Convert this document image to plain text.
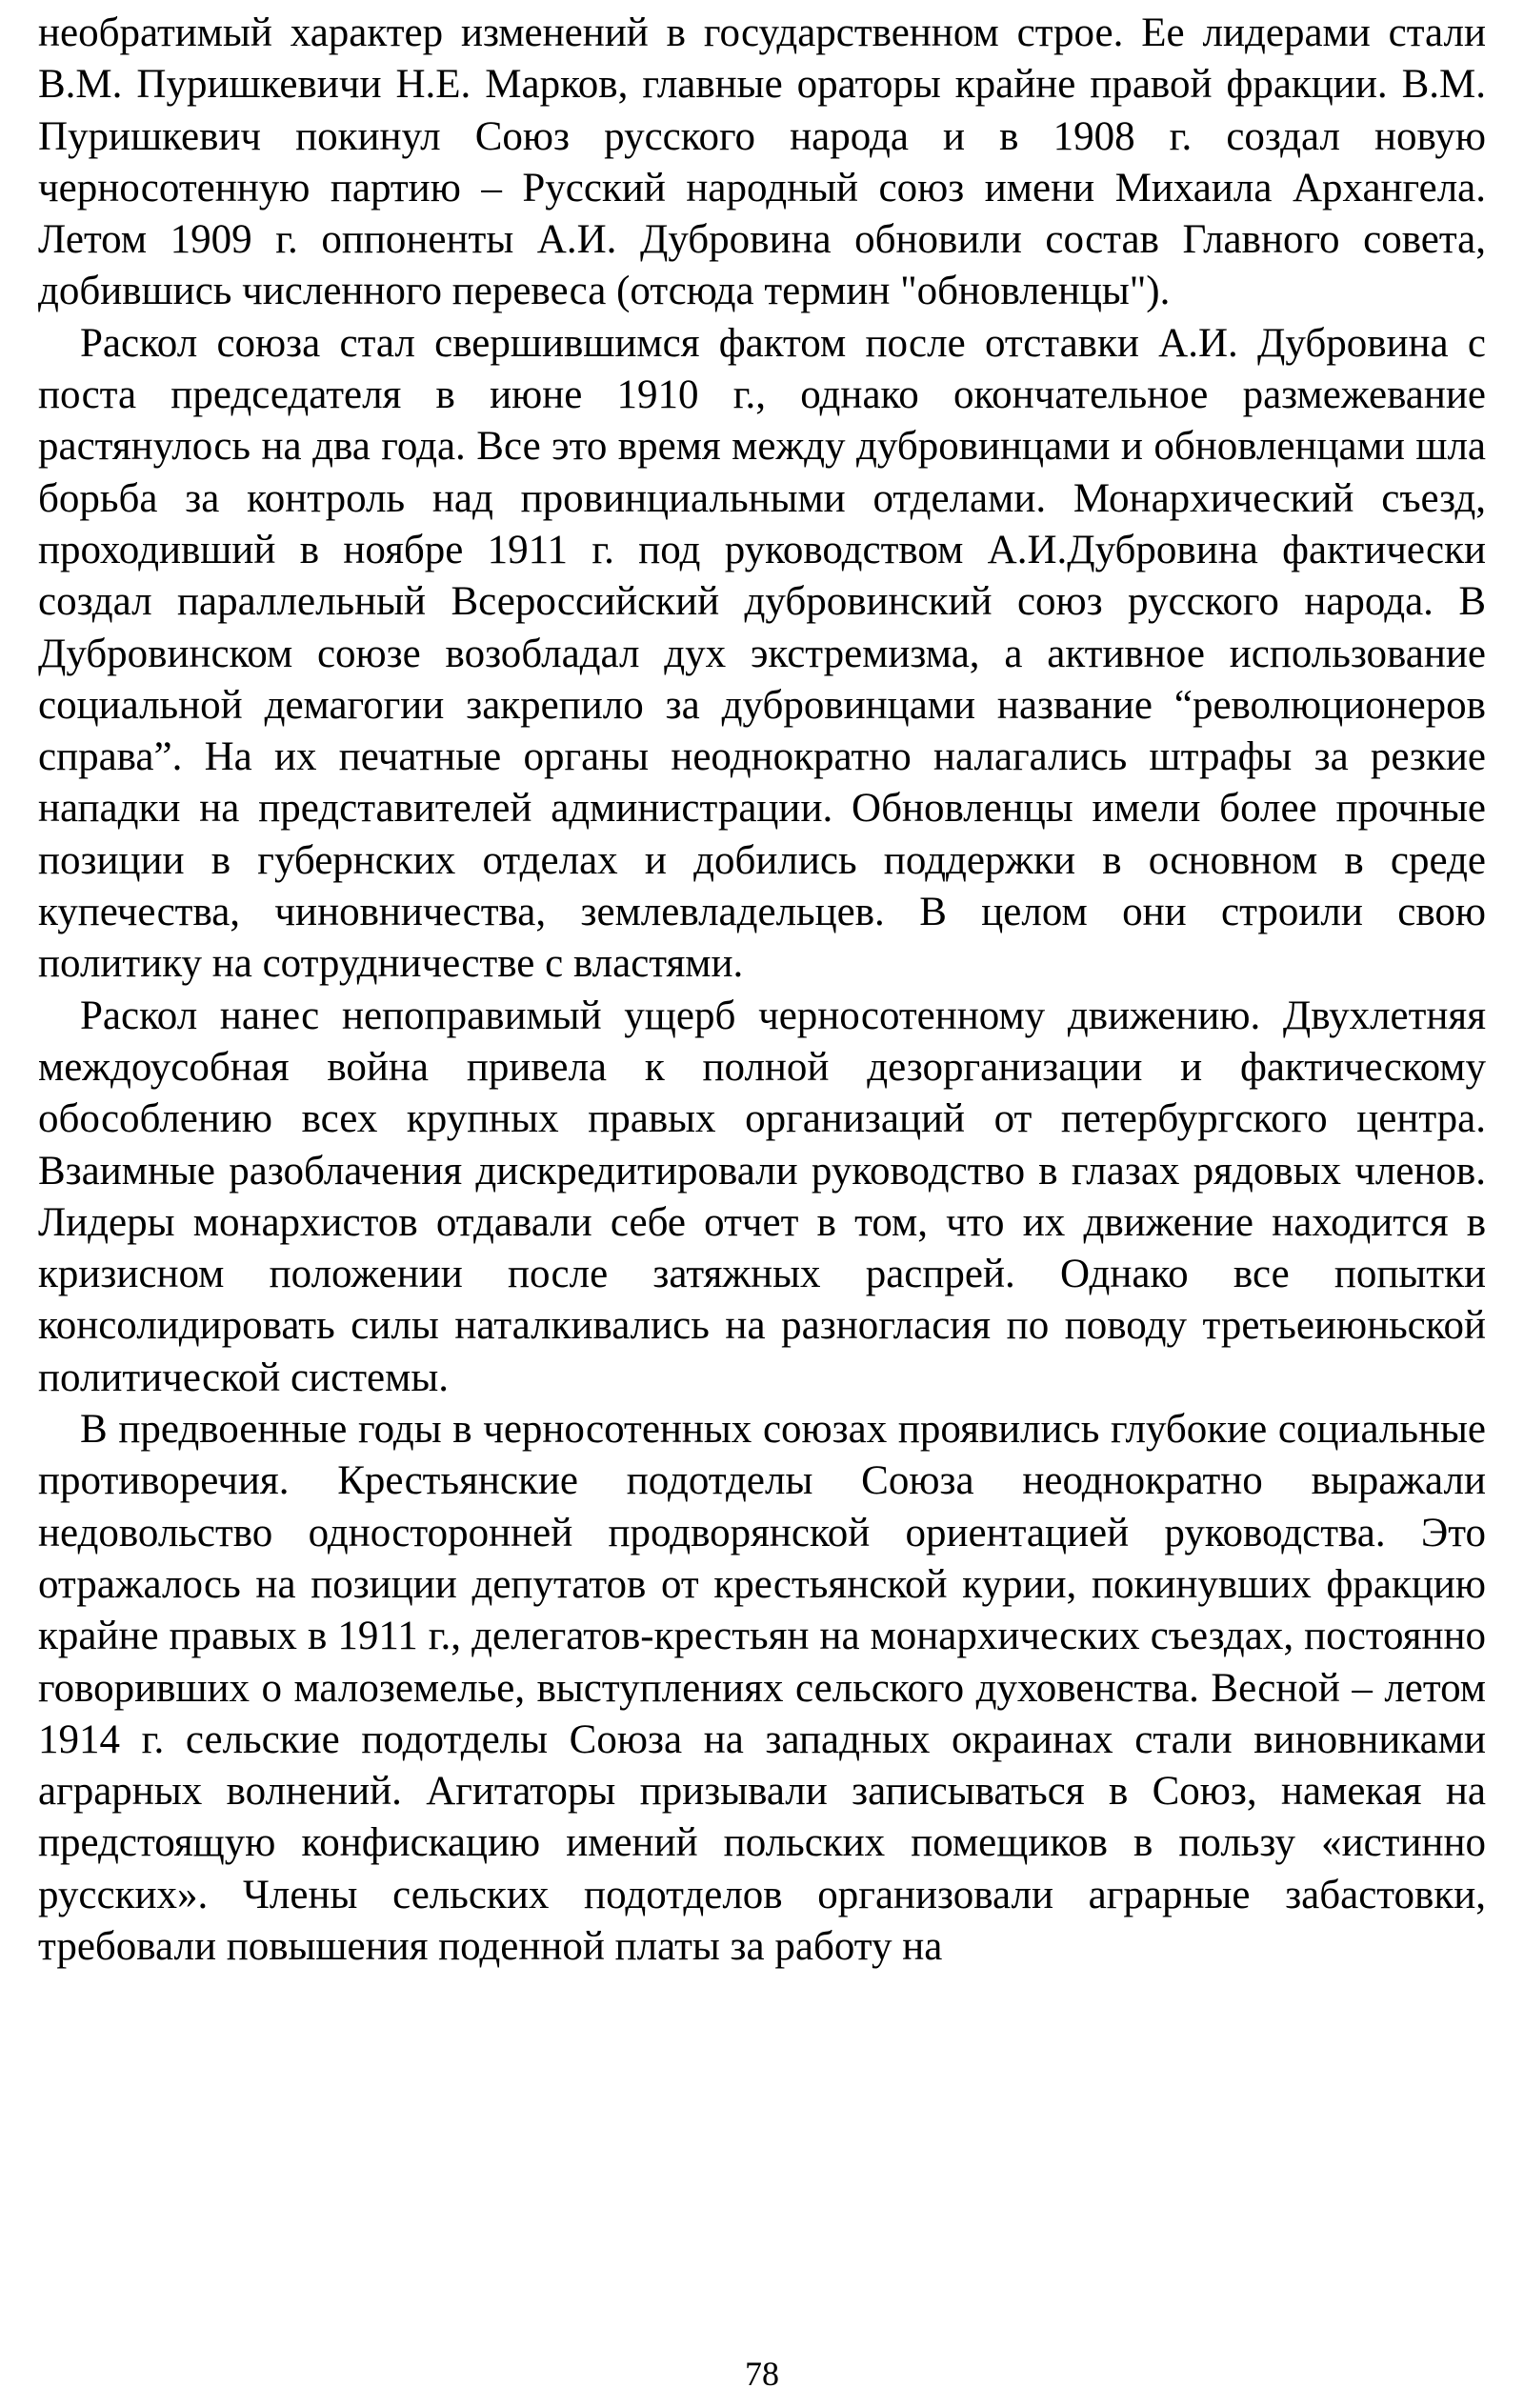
необратимый характер изменений в государственном строе. Ее лидерами стали В.М. Пуришкевичи Н.Е. Марков, главные ораторы крайне правой фракции. В.М. Пуришкевич покинул Союз русского народа и в 1908 г. создал новую черносотенную партию – Русский народный союз имени Михаила Архангела. Летом 1909 г. оппоненты А.И. Дубровина обновили состав Главного совета, добившись численного перевеса (отсюда термин "обновленцы").

Раскол союза стал свершившимся фактом после отставки А.И. Дубровина с поста председателя в июне 1910 г., однако окончательное размежевание растянулось на два года. Все это время между дубровинцами и обновленцами шла борьба за контроль над провинциальными отделами. Монархический съезд, проходивший в ноябре 1911 г. под руководством А.И.Дубровина фактически создал параллельный Всероссийский дубровинский союз русского народа. В Дубровинском союзе возобладал дух экстремизма, а активное использование социальной демагогии закрепило за дубровинцами название “революционеров справа”. На их печатные органы неоднократно налагались штрафы за резкие нападки на представителей администрации. Обновленцы имели более прочные позиции в губернских отделах и добились поддержки в основном в среде купечества, чиновничества, землевладельцев. В целом они строили свою политику на сотрудничестве с властями.

Раскол нанес непоправимый ущерб черносотенному движению. Двухлетняя междоусобная война привела к полной дезорганизации и фактическому обособлению всех крупных правых организаций от петербургского центра. Взаимные разоблачения дискредитировали руководство в глазах рядовых членов. Лидеры монархистов отдавали себе отчет в том, что их движение находится в кризисном положении после затяжных распрей. Однако все попытки консолидировать силы наталкивались на разногласия по поводу третьеиюньской политической системы.

В предвоенные годы в черносотенных союзах проявились глубокие социальные противоречия. Крестьянские подотделы Союза неоднократно выражали недовольство односторонней продворянской ориентацией руководства. Это отражалось на позиции депутатов от крестьянской курии, покинувших фракцию крайне правых в 1911 г., делегатов-крестьян на монархических съездах, постоянно говоривших о малоземелье, выступлениях сельского духовенства. Весной – летом 1914 г. сельские подотделы Союза на западных окраинах стали виновниками аграрных волнений. Агитаторы призывали записываться в Союз, намекая на предстоящую конфискацию имений польских помещиков в пользу «истинно русских». Члены сельских подотделов организовали аграрные забастовки, требовали повышения поденной платы за работу на

78
